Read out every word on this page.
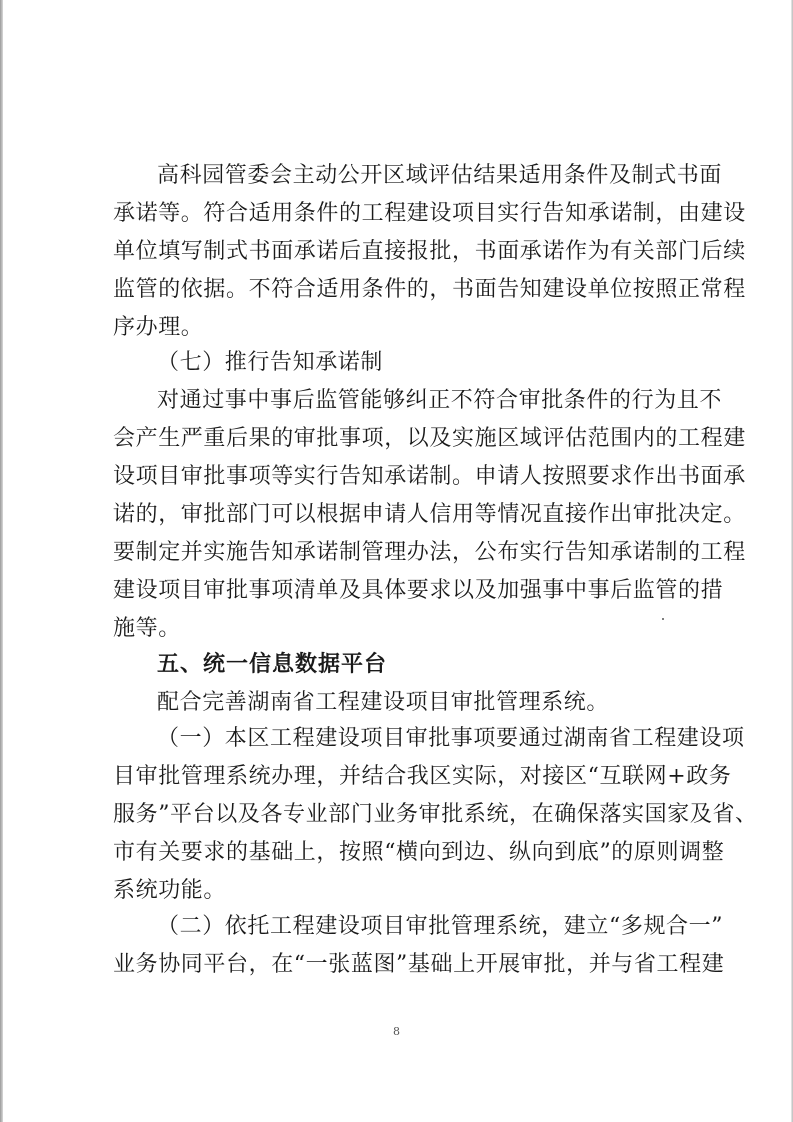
高科园管委会主动公开区域评估结果适用条件及制式书面
承诺等。符合适用条件的工程建设项目实行告知承诺制，由建设
单位填写制式书面承诺后直接报批，书面承诺作为有关部门后续
监管的依据。不符合适用条件的，书面告知建设单位按照正常程
序办理。
（七）推行告知承诺制
对通过事中事后监管能够纠正不符合审批条件的行为且不
会产生严重后果的审批事项，以及实施区域评估范围内的工程建
设项目审批事项等实行告知承诺制。申请人按照要求作出书面承
诺的，审批部门可以根据申请人信用等情况直接作出审批决定。
要制定并实施告知承诺制管理办法，公布实行告知承诺制的工程
建设项目审批事项清单及具体要求以及加强事中事后监管的措
施等。
五、统一信息数据平台
配合完善湖南省工程建设项目审批管理系统。
（一）本区工程建设项目审批事项要通过湖南省工程建设项
目审批管理系统办理，并结合我区实际，对接区“互联网+政务
服务”平台以及各专业部门业务审批系统，在确保落实国家及省、
市有关要求的基础上，按照“横向到边、纵向到底”的原则调整
系统功能。
（二）依托工程建设项目审批管理系统，建立“多规合一”
业务协同平台，在“一张蓝图”基础上开展审批，并与省工程建
8
